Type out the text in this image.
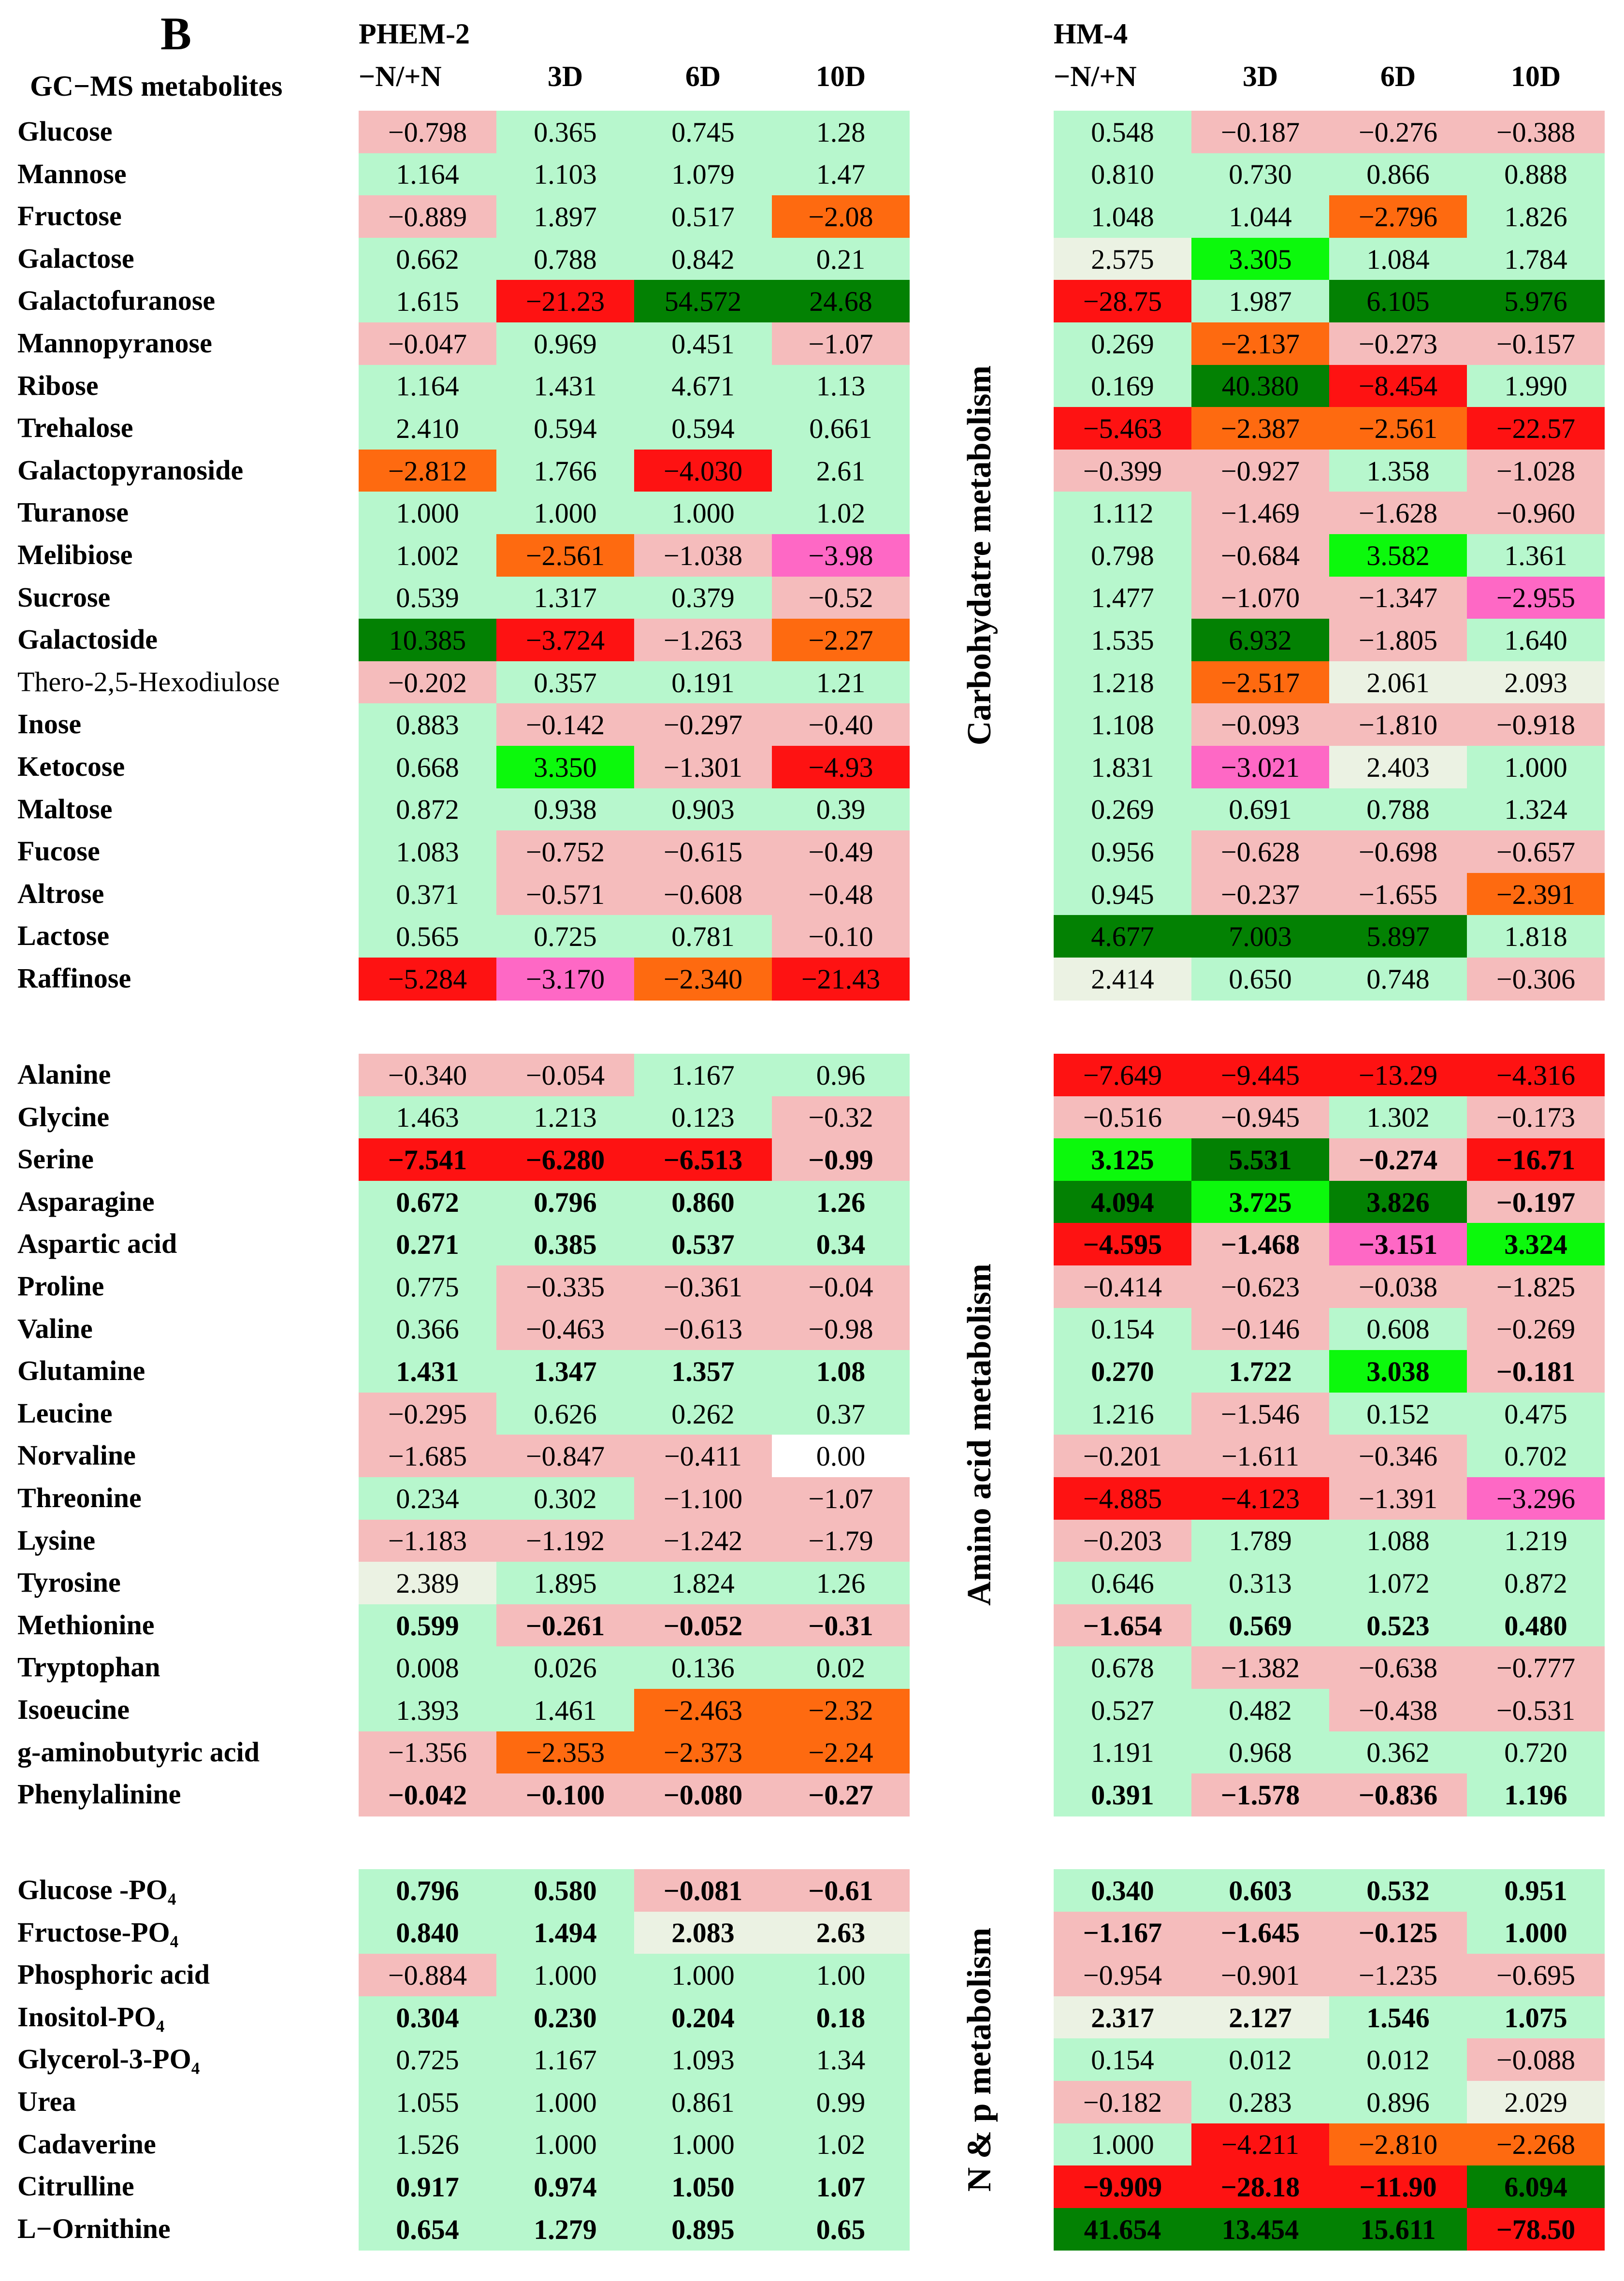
B
GC−MS metabolites
PHEM-2	HM-4
−N/+N	3D	6D	10D	−N/+N	3D	6D	10D
Glucose	−0.798	0.365	0.745	1.28	0.548	−0.187	−0.276	−0.388
Mannose	1.164	1.103	1.079	1.47	0.810	0.730	0.866	0.888
Fructose	−0.889	1.897	0.517	−2.08	1.048	1.044	−2.796	1.826
Galactose	0.662	0.788	0.842	0.21	2.575	3.305	1.084	1.784
Galactofuranose	1.615	−21.23	54.572	24.68	−28.75	1.987	6.105	5.976
Mannopyranose	−0.047	0.969	0.451	−1.07	0.269	−2.137	−0.273	−0.157
Ribose	1.164	1.431	4.671	1.13	0.169	40.380	−8.454	1.990
Trehalose	2.410	0.594	0.594	0.661	−5.463	−2.387	−2.561	−22.57
Galactopyranoside	−2.812	1.766	−4.030	2.61	−0.399	−0.927	1.358	−1.028
Turanose	1.000	1.000	1.000	1.02	1.112	−1.469	−1.628	−0.960
Melibiose	1.002	−2.561	−1.038	−3.98	0.798	−0.684	3.582	1.361
Sucrose	0.539	1.317	0.379	−0.52	1.477	−1.070	−1.347	−2.955
Galactoside	10.385	−3.724	−1.263	−2.27	1.535	6.932	−1.805	1.640
Thero-2,5-Hexodiulose	−0.202	0.357	0.191	1.21	1.218	−2.517	2.061	2.093
Inose	0.883	−0.142	−0.297	−0.40	1.108	−0.093	−1.810	−0.918
Ketocose	0.668	3.350	−1.301	−4.93	1.831	−3.021	2.403	1.000
Maltose	0.872	0.938	0.903	0.39	0.269	0.691	0.788	1.324
Fucose	1.083	−0.752	−0.615	−0.49	0.956	−0.628	−0.698	−0.657
Altrose	0.371	−0.571	−0.608	−0.48	0.945	−0.237	−1.655	−2.391
Lactose	0.565	0.725	0.781	−0.10	4.677	7.003	5.897	1.818
Raffinose	−5.284	−3.170	−2.340	−21.43	2.414	0.650	0.748	−0.306
Carbohydatre metabolism
Alanine	−0.340	−0.054	1.167	0.96	−7.649	−9.445	−13.29	−4.316
Glycine	1.463	1.213	0.123	−0.32	−0.516	−0.945	1.302	−0.173
Serine	−7.541	−6.280	−6.513	−0.99	3.125	5.531	−0.274	−16.71
Asparagine	0.672	0.796	0.860	1.26	4.094	3.725	3.826	−0.197
Aspartic acid	0.271	0.385	0.537	0.34	−4.595	−1.468	−3.151	3.324
Proline	0.775	−0.335	−0.361	−0.04	−0.414	−0.623	−0.038	−1.825
Valine	0.366	−0.463	−0.613	−0.98	0.154	−0.146	0.608	−0.269
Glutamine	1.431	1.347	1.357	1.08	0.270	1.722	3.038	−0.181
Leucine	−0.295	0.626	0.262	0.37	1.216	−1.546	0.152	0.475
Norvaline	−1.685	−0.847	−0.411	0.00	−0.201	−1.611	−0.346	0.702
Threonine	0.234	0.302	−1.100	−1.07	−4.885	−4.123	−1.391	−3.296
Lysine	−1.183	−1.192	−1.242	−1.79	−0.203	1.789	1.088	1.219
Tyrosine	2.389	1.895	1.824	1.26	0.646	0.313	1.072	0.872
Methionine	0.599	−0.261	−0.052	−0.31	−1.654	0.569	0.523	0.480
Tryptophan	0.008	0.026	0.136	0.02	0.678	−1.382	−0.638	−0.777
Isoeucine	1.393	1.461	−2.463	−2.32	0.527	0.482	−0.438	−0.531
g-aminobutyric acid	−1.356	−2.353	−2.373	−2.24	1.191	0.968	0.362	0.720
Phenylalinine	−0.042	−0.100	−0.080	−0.27	0.391	−1.578	−0.836	1.196
Amino acid metabolism
Glucose -PO₄	0.796	0.580	−0.081	−0.61	0.340	0.603	0.532	0.951
Fructose-PO₄	0.840	1.494	2.083	2.63	−1.167	−1.645	−0.125	1.000
Phosphoric acid	−0.884	1.000	1.000	1.00	−0.954	−0.901	−1.235	−0.695
Inositol-PO₄	0.304	0.230	0.204	0.18	2.317	2.127	1.546	1.075
Glycerol-3-PO₄	0.725	1.167	1.093	1.34	0.154	0.012	0.012	−0.088
Urea	1.055	1.000	0.861	0.99	−0.182	0.283	0.896	2.029
Cadaverine	1.526	1.000	1.000	1.02	1.000	−4.211	−2.810	−2.268
Citrulline	0.917	0.974	1.050	1.07	−9.909	−28.18	−11.90	6.094
L−Ornithine	0.654	1.279	0.895	0.65	41.654	13.454	15.611	−78.50
N & p metabolism
